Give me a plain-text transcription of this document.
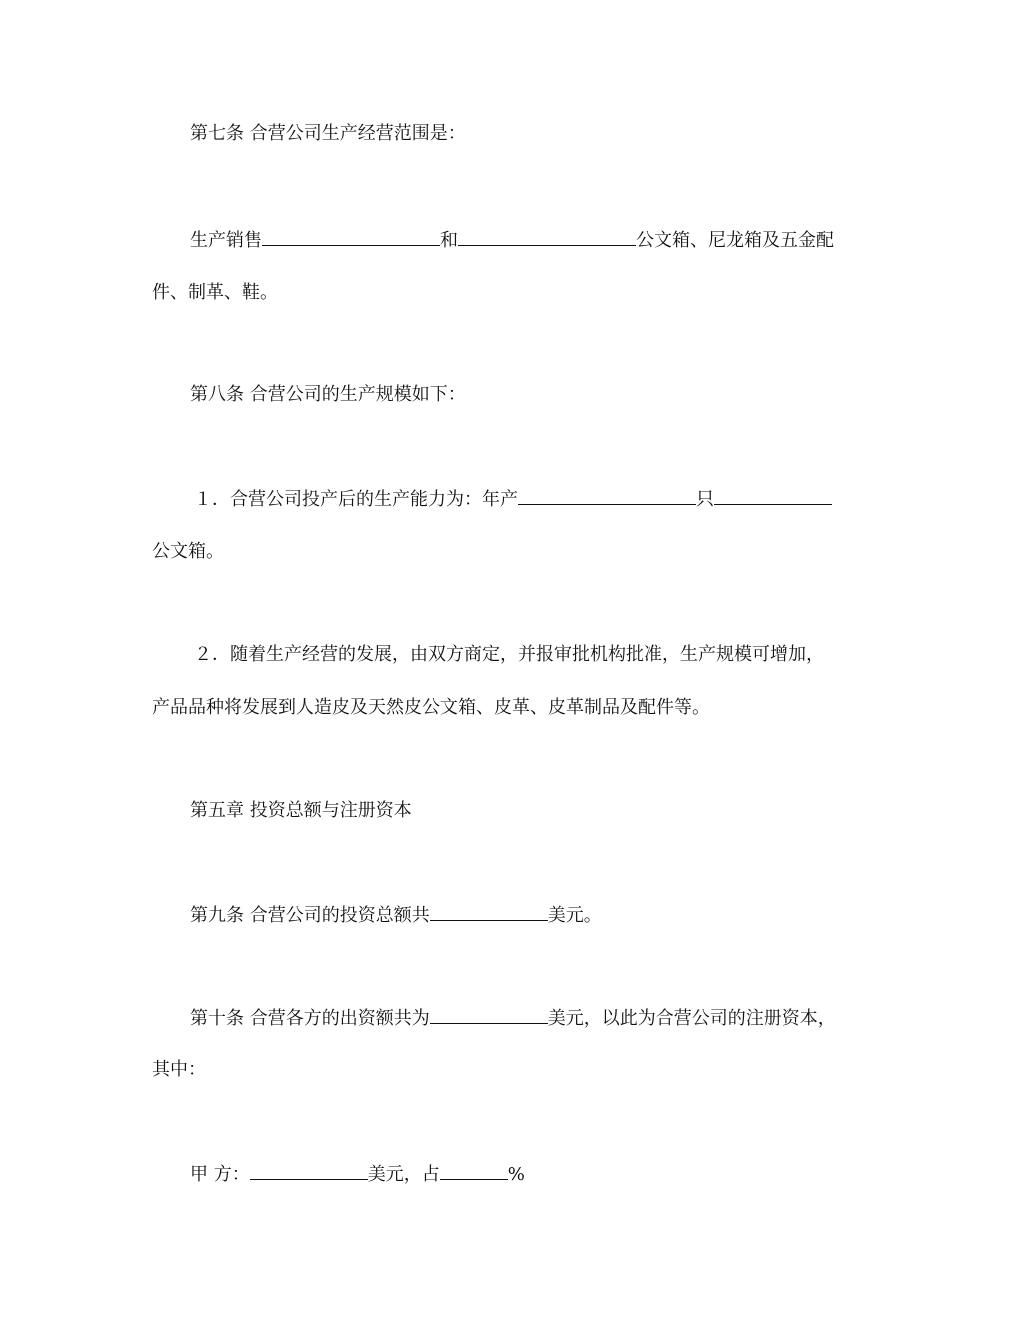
第七条 合营公司生产经营范围是：
生产销售	和	公文箱、尼龙箱及五金配
件、制革、鞋。
第八条 合营公司的生产规模如下：
１．合营公司投产后的生产能力为：年产	只
公文箱。
２．随着生产经营的发展，由双方商定，并报审批机构批准，生产规模可增加，
产品品种将发展到人造皮及天然皮公文箱、皮革、皮革制品及配件等。
第五章 投资总额与注册资本
第九条 合营公司的投资总额共	美元。
第十条 合营各方的出资额共为	美元，以此为合营公司的注册资本，
其中：
甲 方：	美元，占	%
